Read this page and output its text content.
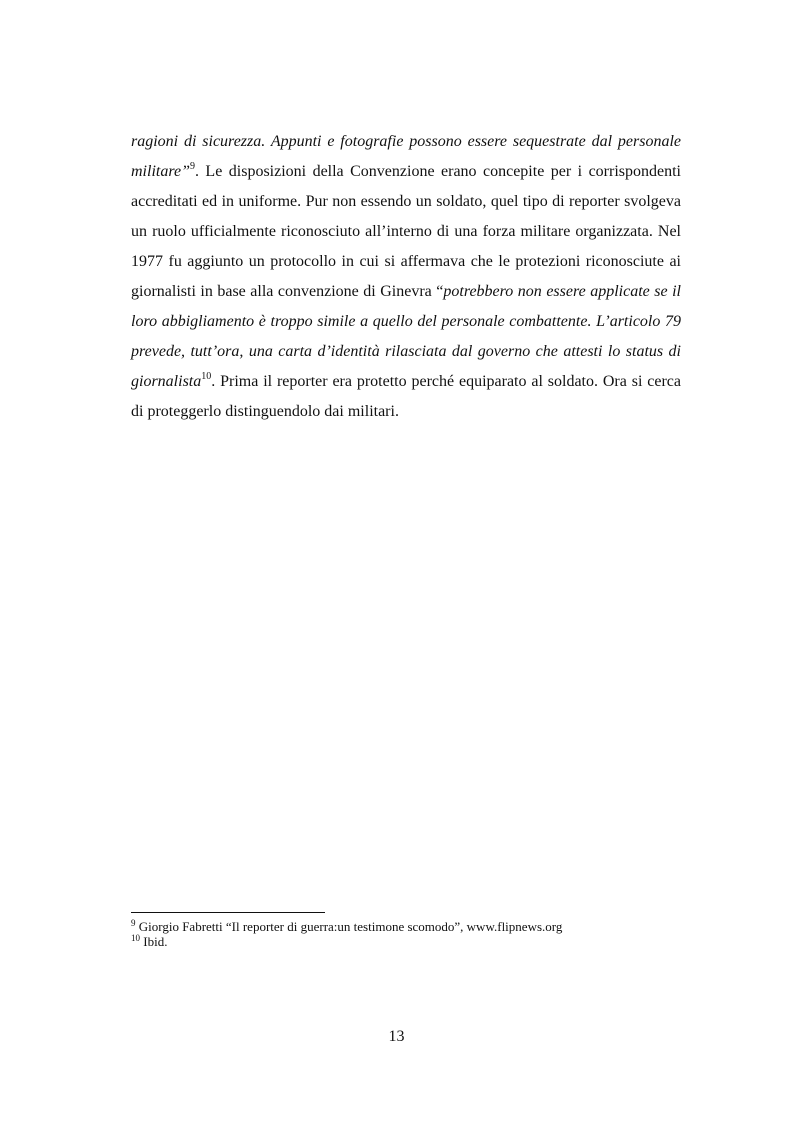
ragioni di sicurezza. Appunti e fotografie possono essere sequestrate dal personale
militare”$^9$. Le disposizioni della Convenzione erano concepite per i corrispondenti
accreditati ed in uniforme. Pur non essendo un soldato, quel tipo di reporter svolgeva
un ruolo ufficialmente riconosciuto all’interno di una forza militare organizzata. Nel
1977 fu aggiunto un protocollo in cui si affermava che le protezioni riconosciute ai
giornalisti in base alla convenzione di Ginevra “potrebbero non essere applicate se il
loro abbigliamento è troppo simile a quello del personale combattente. L’articolo 79
prevede, tutt’ora, una carta d’identità rilasciata dal governo che attesti lo status di
giornalista$^{10}$. Prima il reporter era protetto perché equiparato al soldato. Ora si cerca
di proteggerlo distinguendolo dai militari.
$^9$ Giorgio Fabretti “Il reporter di guerra:un testimone scomodo”, www.flipnews.org
$^{10}$ Ibid.
13
